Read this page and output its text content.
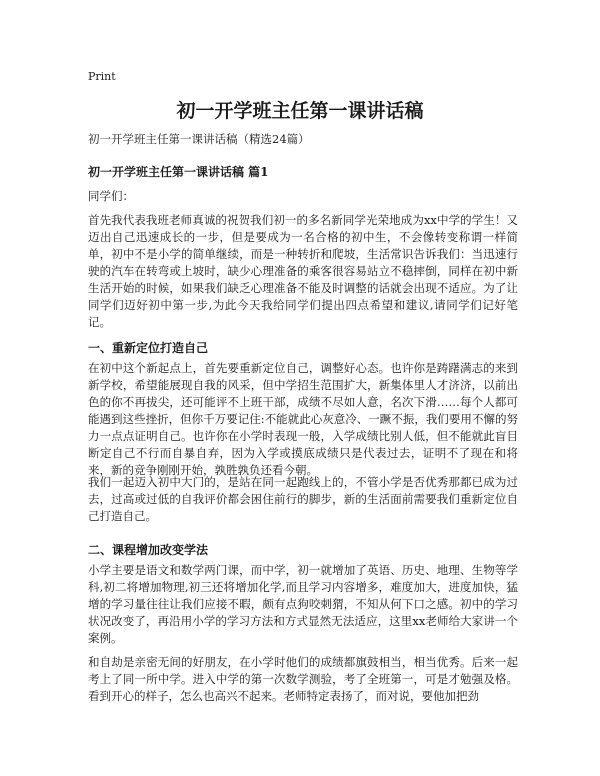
Print
初一开学班主任第一课讲话稿
初一开学班主任第一课讲话稿（精选24篇）
初一开学班主任第一课讲话稿 篇1

同学们：

首先我代表我班老师真诚的祝贺我们初一的多名新同学光荣地成为xx中学的学生！又迈出自己迅速成长的一步，但是要成为一名合格的初中生，不会像转变称谓一样简单，初中不是小学的简单继续，而是一种转折和爬坡，生活常识告诉我们：当迅速行驶的汽车在转弯或上坡时，缺少心理准备的乘客很容易站立不稳摔倒，同样在初中新生活开始的时候，如果我们缺乏心理准备不能及时调整的话就会出现不适应。为了让同学们迈好初中第一步,为此今天我给同学们提出四点希望和建议,请同学们记好笔记。

一、重新定位打造自己

在初中这个新起点上，首先要重新定位自己，调整好心态。也许你是踌躇满志的来到新学校，希望能展现自我的风采，但中学招生范围扩大，新集体里人才济济，以前出色的你不再拔尖，还可能评不上班干部，成绩不尽如人意，名次下滑……每个人都可能遇到这些挫折，但你千万要记住:不能就此心灰意冷、一蹶不振，我们要用不懈的努力一点点证明自己。也许你在小学时表现一般，入学成绩比别人低，但不能就此盲目断定自己不行而自暴自弃，因为入学或摸底成绩只是代表过去，证明不了现在和将来，新的竞争刚刚开始，孰胜孰负还看今朝。

我们一起迈入初中大门的，是站在同一起跑线上的，不管小学是否优秀那都已成为过去，过高或过低的自我评价都会困住前行的脚步，新的生活面前需要我们重新定位自己打造自己。

二、课程增加改变学法

小学主要是语文和数学两门课，而中学，初一就增加了英语、历史、地理、生物等学科,初二将增加物理,初三还将增加化学,而且学习内容增多，难度加大，进度加快，猛增的学习量往往让我们应接不暇，颇有点狗咬刺猬，不知从何下口之感。初中的学习状况改变了，再沿用小学的学习方法和方式显然无法适应，这里xx老师给大家讲一个案例。

和自劫是亲密无间的好朋友，在小学时他们的成绩都旗鼓相当，相当优秀。后来一起考上了同一所中学。进入中学的第一次数学测验，考了全班第一，可是才勉强及格。看到开心的样子，怎么也高兴不起来。老师特定表扬了，而对说，要他加把劲
